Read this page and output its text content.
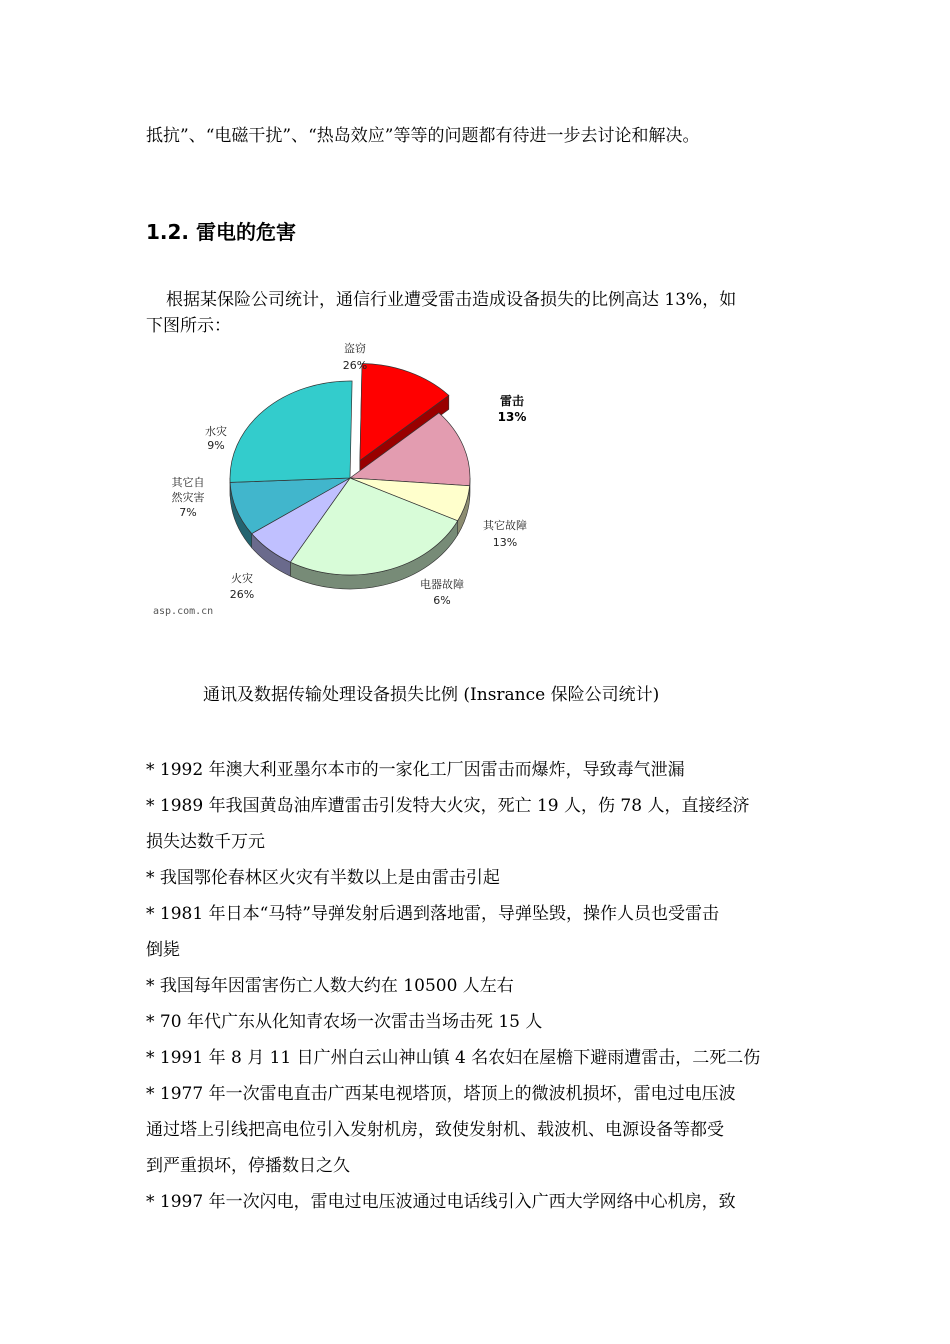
抵抗”、“电磁干扰”、“热岛效应”等等的问题都有待进一步去讨论和解决。
1.2. 雷电的危害
根据某保险公司统计，通信行业遭受雷击造成设备损失的比例高达 13%，如
下图所示：
盗窃
26%
雷击
13%
水灾
9%
其它自
然灾害
7%
其它故障
13%
火灾
26%
电器故障
6%
asp.com.cn
通讯及数据传输处理设备损失比例 (Insrance 保险公司统计)
* 1992 年澳大利亚墨尔本市的一家化工厂因雷击而爆炸，导致毒气泄漏
* 1989 年我国黄岛油库遭雷击引发特大火灾，死亡 19 人，伤 78 人，直接经济
损失达数千万元
* 我国鄂伦春林区火灾有半数以上是由雷击引起
* 1981 年日本“马特”导弹发射后遇到落地雷，导弹坠毁，操作人员也受雷击
倒毙
* 我国每年因雷害伤亡人数大约在 10500 人左右
* 70 年代广东从化知青农场一次雷击当场击死 15 人
* 1991 年 8 月 11 日广州白云山神山镇 4 名农妇在屋檐下避雨遭雷击，二死二伤
* 1977 年一次雷电直击广西某电视塔顶，塔顶上的微波机损坏，雷电过电压波
通过塔上引线把高电位引入发射机房，致使发射机、载波机、电源设备等都受
到严重损坏，停播数日之久
* 1997 年一次闪电，雷电过电压波通过电话线引入广西大学网络中心机房，致
